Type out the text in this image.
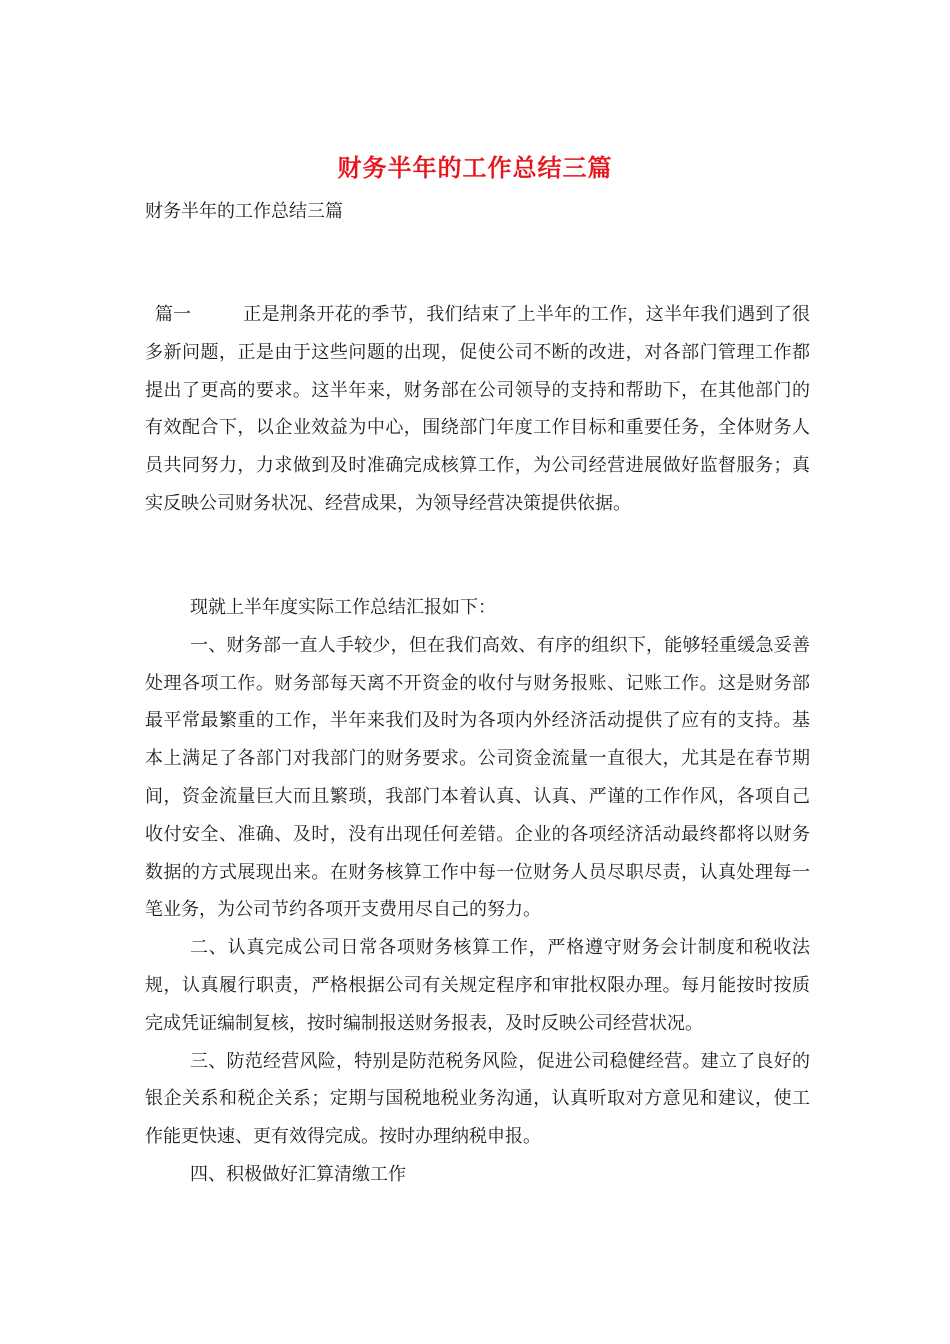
财务半年的工作总结三篇
财务半年的工作总结三篇

篇一	正是荆条开花的季节，我们结束了上半年的工作，这半年我们遇到了很多新问题，正是由于这些问题的出现，促使公司不断的改进，对各部门管理工作都提出了更高的要求。这半年来，财务部在公司领导的支持和帮助下，在其他部门的有效配合下，以企业效益为中心，围绕部门年度工作目标和重要任务，全体财务人员共同努力，力求做到及时准确完成核算工作，为公司经营进展做好监督服务；真实反映公司财务状况、经营成果，为领导经营决策提供依据。

现就上半年度实际工作总结汇报如下：

一、财务部一直人手较少，但在我们高效、有序的组织下，能够轻重缓急妥善处理各项工作。财务部每天离不开资金的收付与财务报账、记账工作。这是财务部最平常最繁重的工作，半年来我们及时为各项内外经济活动提供了应有的支持。基本上满足了各部门对我部门的财务要求。公司资金流量一直很大，尤其是在春节期间，资金流量巨大而且繁琐，我部门本着认真、认真、严谨的工作作风，各项自己收付安全、准确、及时，没有出现任何差错。企业的各项经济活动最终都将以财务数据的方式展现出来。在财务核算工作中每一位财务人员尽职尽责，认真处理每一笔业务，为公司节约各项开支费用尽自己的努力。

二、认真完成公司日常各项财务核算工作，严格遵守财务会计制度和税收法规，认真履行职责，严格根据公司有关规定程序和审批权限办理。每月能按时按质完成凭证编制复核，按时编制报送财务报表，及时反映公司经营状况。

三、防范经营风险，特别是防范税务风险，促进公司稳健经营。建立了良好的银企关系和税企关系；定期与国税地税业务沟通，认真听取对方意见和建议，使工作能更快速、更有效得完成。按时办理纳税申报。

四、积极做好汇算清缴工作
